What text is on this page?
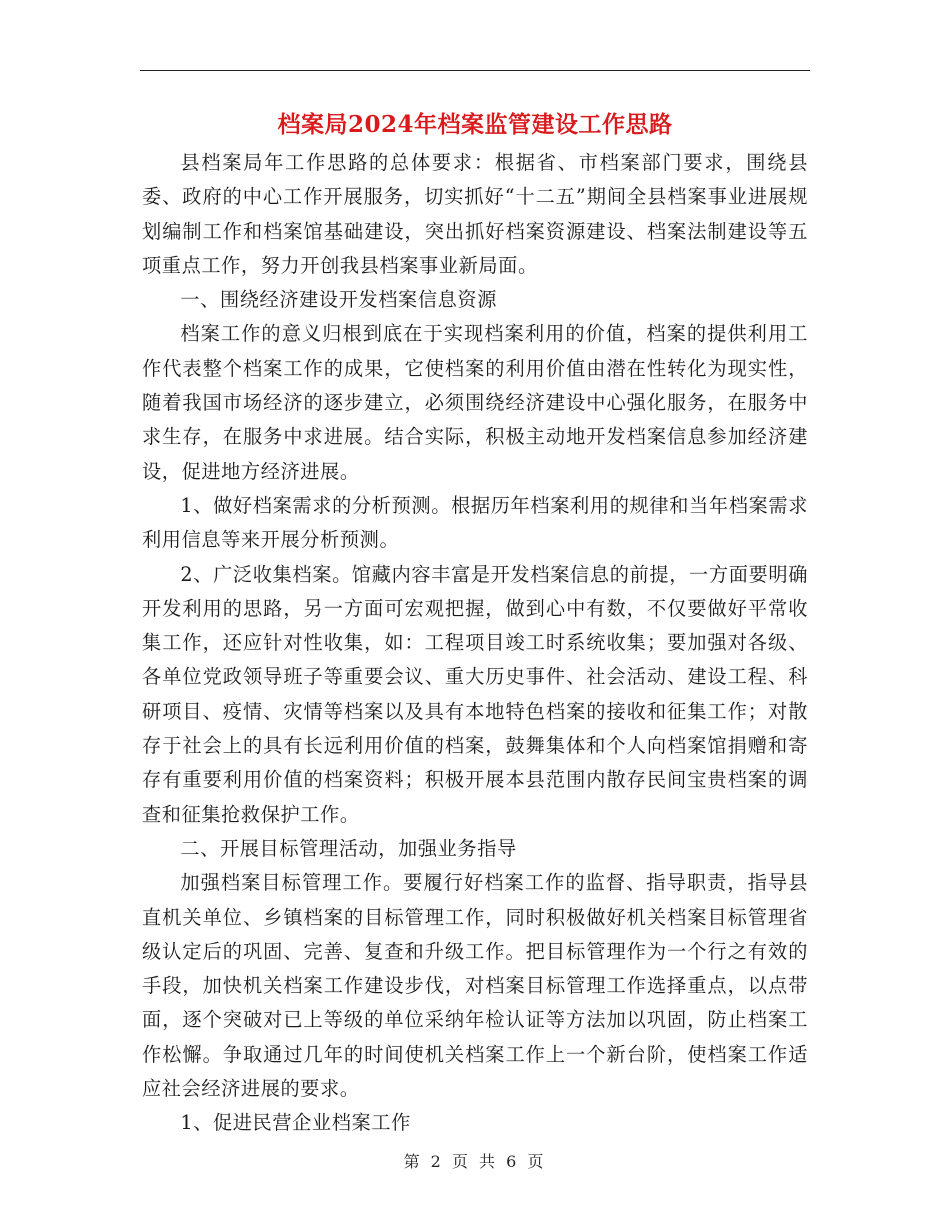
档案局2024年档案监管建设工作思路

县档案局年工作思路的总体要求：根据省、市档案部门要求，围绕县委、政府的中心工作开展服务，切实抓好“十二五”期间全县档案事业进展规划编制工作和档案馆基础建设，突出抓好档案资源建设、档案法制建设等五项重点工作，努力开创我县档案事业新局面。

一、围绕经济建设开发档案信息资源

档案工作的意义归根到底在于实现档案利用的价值，档案的提供利用工作代表整个档案工作的成果，它使档案的利用价值由潜在性转化为现实性，随着我国市场经济的逐步建立，必须围绕经济建设中心强化服务，在服务中求生存，在服务中求进展。结合实际，积极主动地开发档案信息参加经济建设，促进地方经济进展。

1、做好档案需求的分析预测。根据历年档案利用的规律和当年档案需求利用信息等来开展分析预测。

2、广泛收集档案。馆藏内容丰富是开发档案信息的前提，一方面要明确开发利用的思路，另一方面可宏观把握，做到心中有数，不仅要做好平常收集工作，还应针对性收集，如：工程项目竣工时系统收集；要加强对各级、各单位党政领导班子等重要会议、重大历史事件、社会活动、建设工程、科研项目、疫情、灾情等档案以及具有本地特色档案的接收和征集工作；对散存于社会上的具有长远利用价值的档案，鼓舞集体和个人向档案馆捐赠和寄存有重要利用价值的档案资料；积极开展本县范围内散存民间宝贵档案的调查和征集抢救保护工作。

二、开展目标管理活动，加强业务指导

加强档案目标管理工作。要履行好档案工作的监督、指导职责，指导县直机关单位、乡镇档案的目标管理工作，同时积极做好机关档案目标管理省级认定后的巩固、完善、复查和升级工作。把目标管理作为一个行之有效的手段，加快机关档案工作建设步伐，对档案目标管理工作选择重点，以点带面，逐个突破对已上等级的单位采纳年检认证等方法加以巩固，防止档案工作松懈。争取通过几年的时间使机关档案工作上一个新台阶，使档案工作适应社会经济进展的要求。

1、促进民营企业档案工作

第 2 页 共 6 页
